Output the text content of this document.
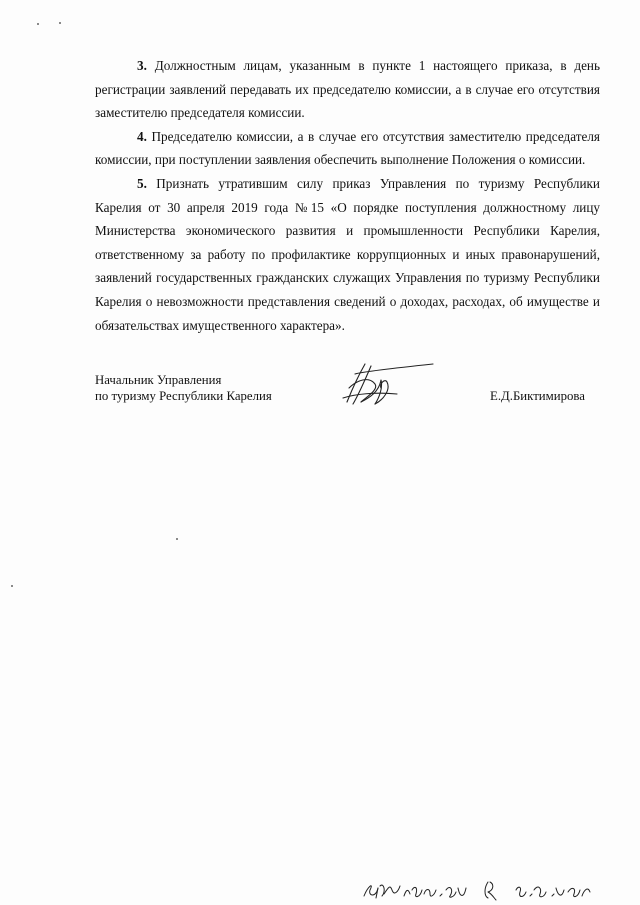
3. Должностным лицам, указанным в пункте 1 настоящего приказа, в день регистрации заявлений передавать их председателю комиссии, а в случае его отсутствия заместителю председателя комиссии.

4. Председателю комиссии, а в случае его отсутствия заместителю председателя комиссии, при поступлении заявления обеспечить выполнение Положения о комиссии.

5. Признать утратившим силу приказ Управления по туризму Республики Карелия от 30 апреля 2019 года №15 «О порядке поступления должностному лицу Министерства экономического развития и промышленности Республики Карелия, ответственному за работу по профилактике коррупционных и иных правонарушений, заявлений государственных гражданских служащих Управления по туризму Республики Карелия о невозможности представления сведений о доходах, расходах, об имуществе и обязательствах имущественного характера».

Начальник Управления
по туризму Республики Карелия	Е.Д.Биктимирова
